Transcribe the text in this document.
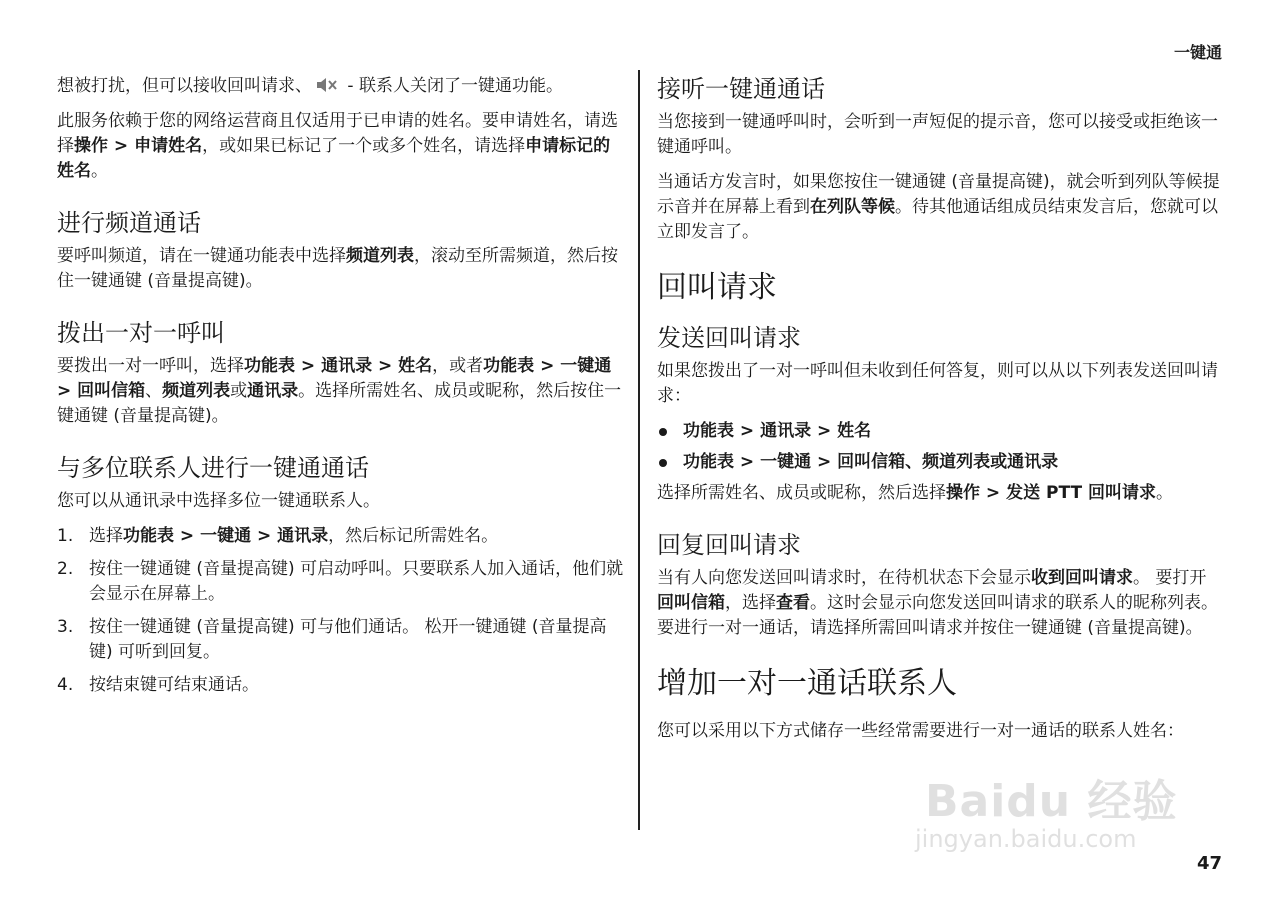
一键通

想被打扰，但可以接收回叫请求、 - 联系人关闭了一键通功能。

此服务依赖于您的网络运营商且仅适用于已申请的姓名。要申请姓名，请选择操作 > 申请姓名，或如果已标记了一个或多个姓名，请选择申请标记的姓名。

进行频道通话

要呼叫频道，请在一键通功能表中选择频道列表，滚动至所需频道，然后按住一键通键 (音量提高键)。

拨出一对一呼叫

要拨出一对一呼叫，选择功能表 > 通讯录 > 姓名，或者功能表 > 一键通 > 回叫信箱、频道列表或通讯录。选择所需姓名、成员或昵称，然后按住一键通键 (音量提高键)。

与多位联系人进行一键通通话

您可以从通讯录中选择多位一键通联系人。

1. 选择功能表 > 一键通 > 通讯录，然后标记所需姓名。
2. 按住一键通键 (音量提高键) 可启动呼叫。只要联系人加入通话，他们就会显示在屏幕上。
3. 按住一键通键 (音量提高键) 可与他们通话。 松开一键通键 (音量提高键) 可听到回复。
4. 按结束键可结束通话。
接听一键通通话

当您接到一键通呼叫时，会听到一声短促的提示音，您可以接受或拒绝该一键通呼叫。

当通话方发言时，如果您按住一键通键 (音量提高键)，就会听到列队等候提示音并在屏幕上看到在列队等候。待其他通话组成员结束发言后，您就可以立即发言了。

回叫请求
发送回叫请求

如果您拨出了一对一呼叫但未收到任何答复，则可以从以下列表发送回叫请求：

功能表 > 通讯录 > 姓名
功能表 > 一键通 > 回叫信箱、频道列表或通讯录

选择所需姓名、成员或昵称，然后选择操作 > 发送 PTT 回叫请求。

回复回叫请求

当有人向您发送回叫请求时，在待机状态下会显示收到回叫请求。 要打开回叫信箱，选择查看。这时会显示向您发送回叫请求的联系人的昵称列表。 要进行一对一通话，请选择所需回叫请求并按住一键通键 (音量提高键)。

增加一对一通话联系人

您可以采用以下方式储存一些经常需要进行一对一通话的联系人姓名：

Baidu 经验
jingyan.baidu.com
47
